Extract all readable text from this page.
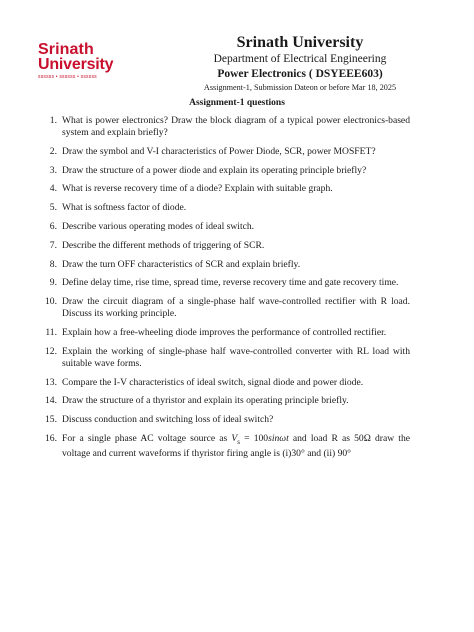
Srinath
University
ssssss • ssssss • ssssss
Srinath University
Department of Electrical Engineering
Power Electronics ( DSYEEE603)
Assignment-1, Submission Dateon or before Mar 18, 2025
Assignment-1 questions
1. What is power electronics? Draw the block diagram of a typical power electronics-based system and explain briefly?
2. Draw the symbol and V-I characteristics of Power Diode, SCR, power MOSFET?
3. Draw the structure of a power diode and explain its operating principle briefly?
4. What is reverse recovery time of a diode? Explain with suitable graph.
5. What is softness factor of diode.
6. Describe various operating modes of ideal switch.
7. Describe the different methods of triggering of SCR.
8. Draw the turn OFF characteristics of SCR and explain briefly.
9. Define delay time, rise time, spread time, reverse recovery time and gate recovery time.
10. Draw the circuit diagram of a single-phase half wave-controlled rectifier with R load. Discuss its working principle.
11. Explain how a free-wheeling diode improves the performance of controlled rectifier.
12. Explain the working of single-phase half wave-controlled converter with RL load with suitable wave forms.
13. Compare the I-V characteristics of ideal switch, signal diode and power diode.
14. Draw the structure of a thyristor and explain its operating principle briefly.
15. Discuss conduction and switching loss of ideal switch?
16. For a single phase AC voltage source as $V_s = 100\sin\omega t$ and load R as 50Ω draw the voltage and current waveforms if thyristor firing angle is (i)30° and (ii) 90°
